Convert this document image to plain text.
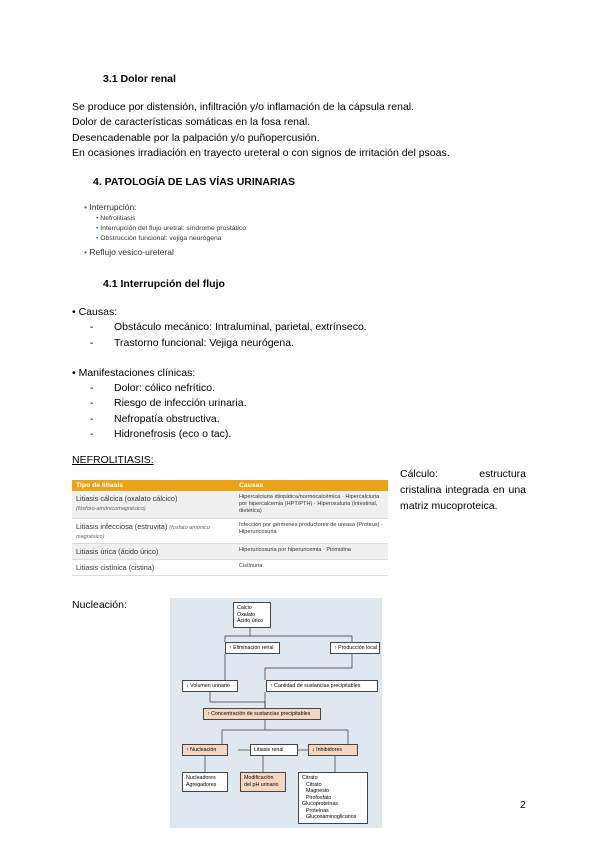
3.1 Dolor renal
Se produce por distensión, infiltración y/o inflamación de la cápsula renal.
Dolor de características somáticas en la fosa renal.
Desencadenable por la palpación y/o puñopercusión.
En ocasiones irradiación en trayecto ureteral o con signos de irritación del psoas.
4. PATOLOGÍA DE LAS VÍAS URINARIAS
• Interrupción:
• Nefrolitiasis
• Interrupción del flujo uretral: síndrome prostático
• Obstrucción funcional: vejiga neurógena
• Reflujo vesico-ureteral
4.1 Interrupción del flujo
• Causas:
- Obstáculo mecánico: Intraluminal, parietal, extrínseco.
- Trastorno funcional: Vejiga neurógena.
• Manifestaciones clínicas:
- Dolor: cólico nefrítico.
- Riesgo de infección urinaria.
- Nefropatía obstructiva.
- Hidronefrosis (eco o tac).
NEFROLITIASIS:
Cálculo: estructura cristalina integrada en una matriz mucoproteica.
Tipo de litiasis	Causas
Litiasis cálcica (oxalato cálcico)
(fósforo-amónicomagnésico)	Hipercalciuria idiopática/normocalcémica · Hipercalciuria por hipercalcemia (HPT/PTH) · Hiperoxaluria (intestinal, dietética)
Litiasis infecciosa (estruvita) (fosfato amónico magnésico)	Infección por gérmenes productores de ureasa (Proteus) · Hiperuricosuria
Litiasis úrica (ácido úrico)	Hiperuricosuria por hiperuricemia · Pirimidina
Litiasis cistínica (cistina)	Cistinuria
Nucleación:	Calcio
Oxalato
Ácido úrico
↑ Eliminación renal	↑ Producción local
↓ Volumen urinario	↑ Cantidad de sustancias precipitables
↑ Concentración de sustancias precipitables
↑ Nucleación	Litiasis renal	↓ Inhibidores
Nucleadores
Agregadores
Modificación
del pH urinario
Citrato
Citrato
Magnesio
Pirofosfato
Glucoproteínas
Proteínas
Glucosaminoglicanos
2
